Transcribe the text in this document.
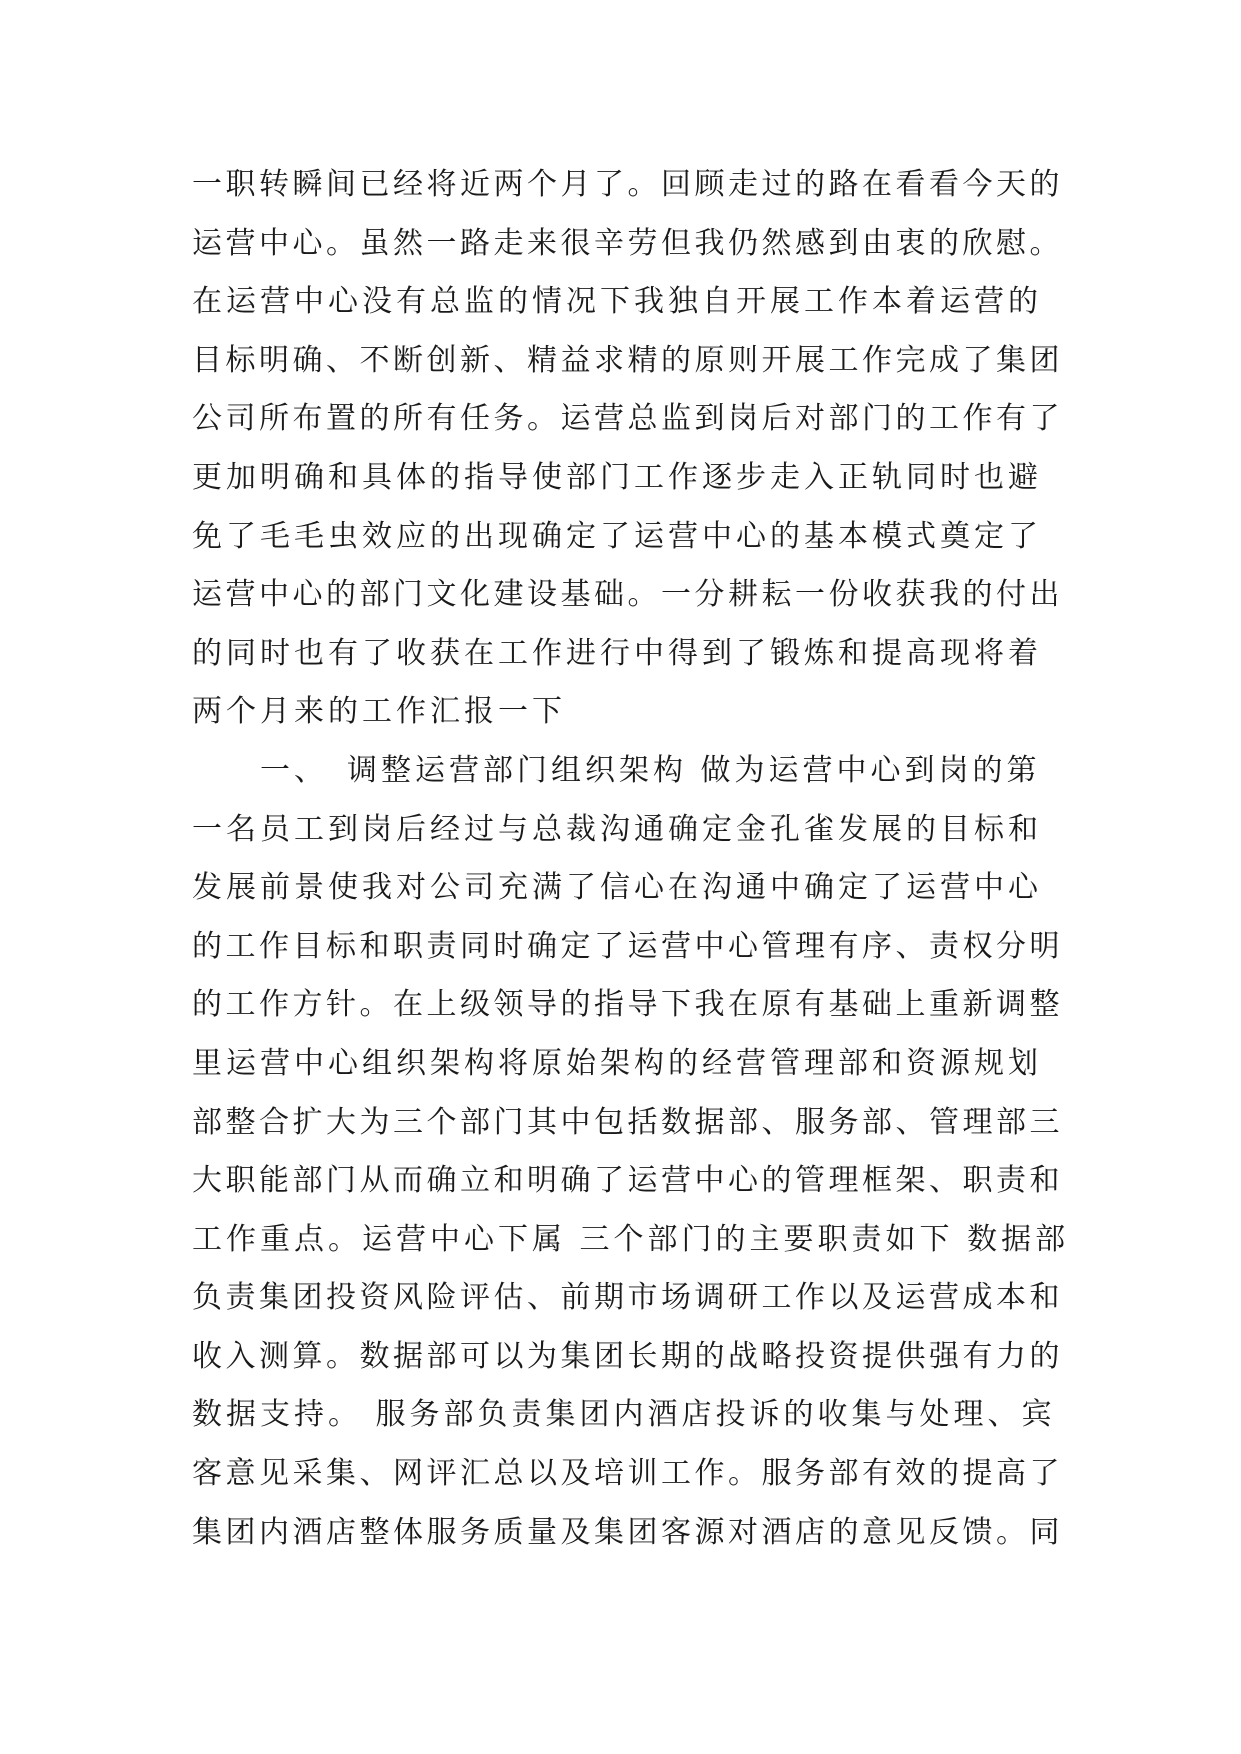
一职转瞬间已经将近两个月了。回顾走过的路在看看今天的
运营中心。虽然一路走来很辛劳但我仍然感到由衷的欣慰。
在运营中心没有总监的情况下我独自开展工作本着运营的
目标明确、不断创新、精益求精的原则开展工作完成了集团
公司所布置的所有任务。运营总监到岗后对部门的工作有了
更加明确和具体的指导使部门工作逐步走入正轨同时也避
免了毛毛虫效应的出现确定了运营中心的基本模式奠定了
运营中心的部门文化建设基础。一分耕耘一份收获我的付出
的同时也有了收获在工作进行中得到了锻炼和提高现将着
两个月来的工作汇报一下
　　一、　调整运营部门组织架构 做为运营中心到岗的第
一名员工到岗后经过与总裁沟通确定金孔雀发展的目标和
发展前景使我对公司充满了信心在沟通中确定了运营中心
的工作目标和职责同时确定了运营中心管理有序、责权分明
的工作方针。在上级领导的指导下我在原有基础上重新调整
里运营中心组织架构将原始架构的经营管理部和资源规划
部整合扩大为三个部门其中包括数据部、服务部、管理部三
大职能部门从而确立和明确了运营中心的管理框架、职责和
工作重点。运营中心下属 三个部门的主要职责如下 数据部
负责集团投资风险评估、前期市场调研工作以及运营成本和
收入测算。数据部可以为集团长期的战略投资提供强有力的
数据支持。 服务部负责集团内酒店投诉的收集与处理、宾
客意见采集、网评汇总以及培训工作。服务部有效的提高了
集团内酒店整体服务质量及集团客源对酒店的意见反馈。同
